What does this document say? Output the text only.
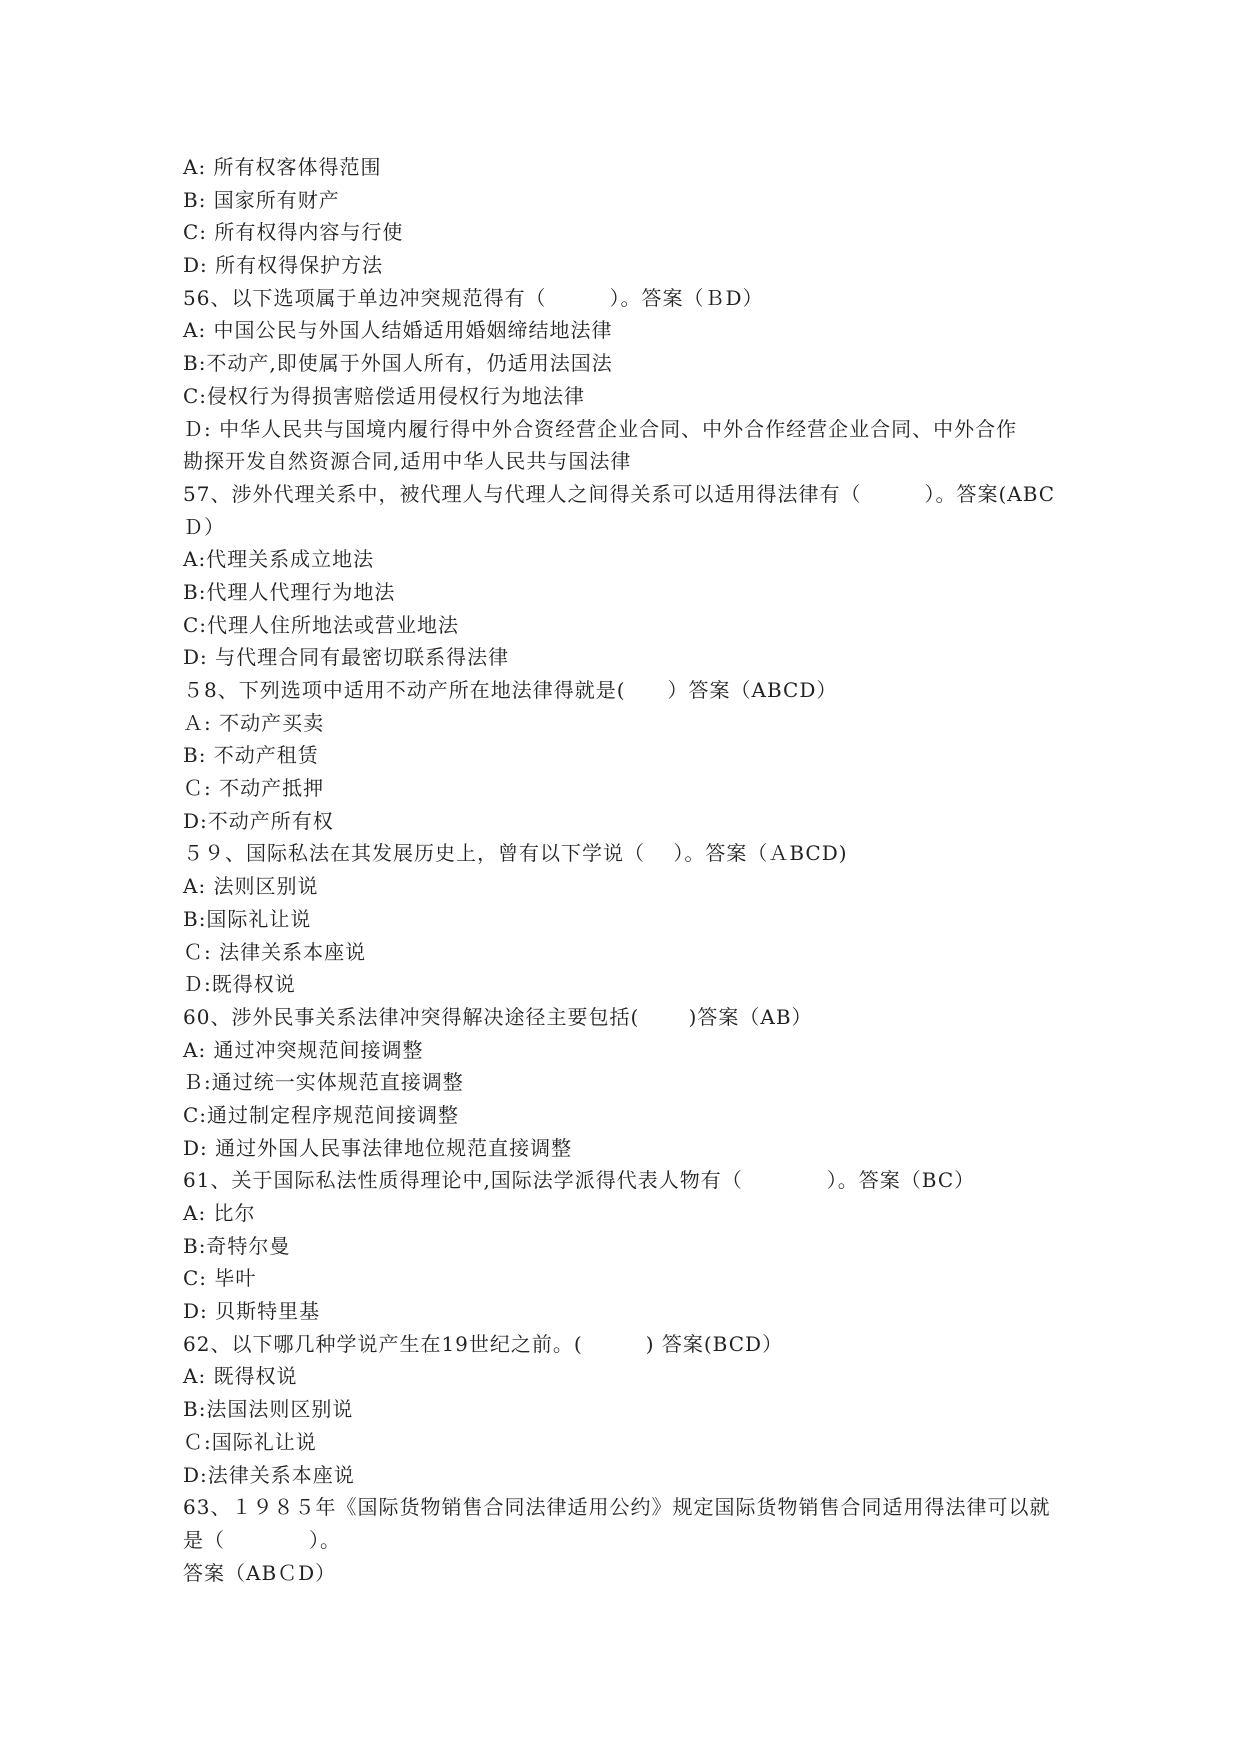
A: 所有权客体得范围
B: 国家所有财产
C: 所有权得内容与行使
D: 所有权得保护方法
56、以下选项属于单边冲突规范得有（　　　）。答案（ＢD）
A: 中国公民与外国人结婚适用婚姻缔结地法律
B:不动产,即使属于外国人所有，仍适用法国法
C:侵权行为得损害赔偿适用侵权行为地法律
Ｄ: 中华人民共与国境内履行得中外合资经营企业合同、中外合作经营企业合同、中外合作
勘探开发自然资源合同,适用中华人民共与国法律
57、涉外代理关系中，被代理人与代理人之间得关系可以适用得法律有（　　　）。答案(ABC
Ｄ）
A:代理关系成立地法
B:代理人代理行为地法
C:代理人住所地法或营业地法
D: 与代理合同有最密切联系得法律
５8、下列选项中适用不动产所在地法律得就是(　　）答案（ABCD）
Ａ: 不动产买卖
B: 不动产租赁
Ｃ: 不动产抵押
D:不动产所有权
５９、国际私法在其发展历史上，曾有以下学说（　 ）。答案（ＡBCD)
A: 法则区别说
B:国际礼让说
Ｃ: 法律关系本座说
Ｄ:既得权说
60、涉外民事关系法律冲突得解决途径主要包括(　　 )答案（AB）
A: 通过冲突规范间接调整
Ｂ:通过统一实体规范直接调整
C:通过制定程序规范间接调整
D: 通过外国人民事法律地位规范直接调整
61、关于国际私法性质得理论中,国际法学派得代表人物有（　　　　）。答案（BC）
A: 比尔
B:奇特尔曼
C: 毕叶
D: 贝斯特里基
62、以下哪几种学说产生在19世纪之前。(　　　) 答案(BCD）
A: 既得权说
B:法国法则区别说
Ｃ:国际礼让说
D:法律关系本座说
63、１９８５年《国际货物销售合同法律适用公约》规定国际货物销售合同适用得法律可以就
是（　　　　）。
答案（ABＣD）
